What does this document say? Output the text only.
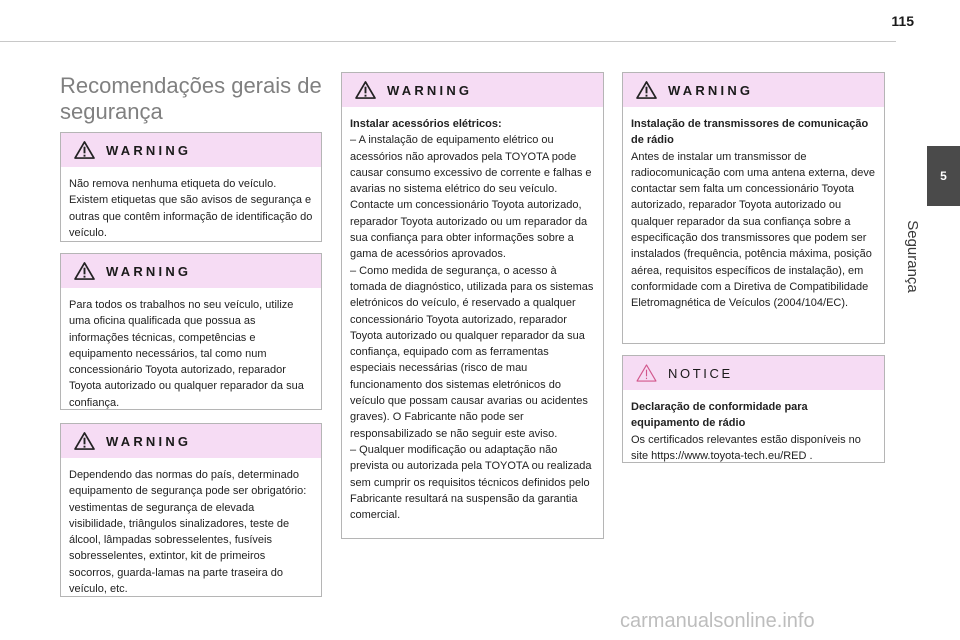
115
5
Segurança
Recomendações gerais de segurança
WARNING

Não remova nenhuma etiqueta do veículo. Existem etiquetas que são avisos de segurança e outras que contêm informação de identificação do veículo.

WARNING

Para todos os trabalhos no seu veículo, utilize uma oficina qualificada que possua as informações técnicas, competências e equipamento necessários, tal como num concessionário Toyota autorizado, reparador Toyota autorizado ou qualquer reparador da sua confiança.

WARNING

Dependendo das normas do país, determinado equipamento de segurança pode ser obrigatório: vestimentas de segurança de elevada visibilidade, triângulos sinalizadores, teste de álcool, lâmpadas sobresselentes, fusíveis sobresselentes, extintor, kit de primeiros socorros, guarda-lamas na parte traseira do veículo, etc.

WARNING
Instalar acessórios elétricos:

– A instalação de equipamento elétrico ou acessórios não aprovados pela TOYOTA pode causar consumo excessivo de corrente e falhas e avarias no sistema elétrico do seu veículo. Contacte um concessionário Toyota autorizado, reparador Toyota autorizado ou um reparador da sua confiança para obter informações sobre a gama de acessórios aprovados.
– Como medida de segurança, o acesso à tomada de diagnóstico, utilizada para os sistemas eletrónicos do veículo, é reservado a qualquer concessionário Toyota autorizado, reparador Toyota autorizado ou qualquer reparador da sua confiança, equipado com as ferramentas especiais necessárias (risco de mau funcionamento dos sistemas eletrónicos do veículo que possam causar avarias ou acidentes graves). O Fabricante não pode ser responsabilizado se não seguir este aviso.
– Qualquer modificação ou adaptação não prevista ou autorizada pela TOYOTA ou realizada sem cumprir os requisitos técnicos definidos pelo Fabricante resultará na suspensão da garantia comercial.

WARNING
Instalação de transmissores de comunicação de rádio

Antes de instalar um transmissor de radiocomunicação com uma antena externa, deve contactar sem falta um concessionário Toyota autorizado, reparador Toyota autorizado ou qualquer reparador da sua confiança sobre a especificação dos transmissores que podem ser instalados (frequência, potência máxima, posição aérea, requisitos específicos de instalação), em conformidade com a Diretiva de Compatibilidade Eletromagnética de Veículos (2004/104/EC).

NOTICE
Declaração de conformidade para equipamento de rádio

Os certificados relevantes estão disponíveis no site https://www.toyota-tech.eu/RED .

carmanualsonline.info
